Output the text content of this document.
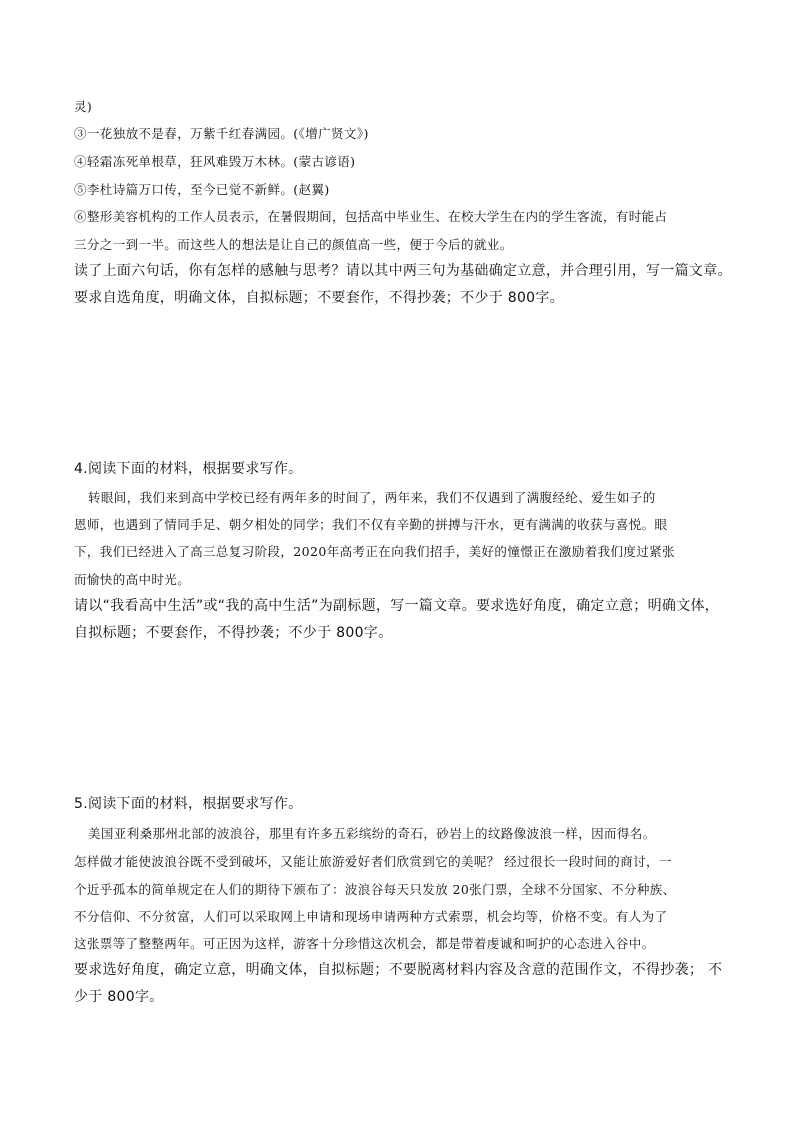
灵)
③一花独放不是春，万紫千红春满园。(《增广贤文》)
④轻霜冻死单根草，狂风难毁万木林。(蒙古谚语)
⑤李杜诗篇万口传，至今已觉不新鲜。(赵翼)
⑥整形美容机构的工作人员表示，在暑假期间，包括高中毕业生、在校大学生在内的学生客流，有时能占
三分之一到一半。而这些人的想法是让自己的颜值高一些，便于今后的就业。
读了上面六句话，你有怎样的感触与思考？请以其中两三句为基础确定立意，并合理引用，写一篇文章。
要求自选角度，明确文体，自拟标题；不要套作，不得抄袭；不少于 800字。
4.阅读下面的材料，根据要求写作。
转眼间，我们来到高中学校已经有两年多的时间了，两年来，我们不仅遇到了满腹经纶、爱生如子的
恩师，也遇到了情同手足、朝夕相处的同学；我们不仅有辛勤的拼搏与汗水，更有满满的收获与喜悦。眼
下，我们已经进入了高三总复习阶段，2020年高考正在向我们招手，美好的憧憬正在激励着我们度过紧张
而愉快的高中时光。
请以“我看高中生活”或“我的高中生活”为副标题，写一篇文章。要求选好角度，确定立意；明确文体，
自拟标题；不要套作，不得抄袭；不少于 800字。
5.阅读下面的材料，根据要求写作。
美国亚利桑那州北部的波浪谷，那里有许多五彩缤纷的奇石，砂岩上的纹路像波浪一样，因而得名。
怎样做才能使波浪谷既不受到破坏，又能让旅游爱好者们欣赏到它的美呢？ 经过很长一段时间的商讨，一
个近乎孤本的简单规定在人们的期待下颁布了：波浪谷每天只发放 20张门票，全球不分国家、不分种族、
不分信仰、不分贫富，人们可以采取网上申请和现场申请两种方式索票，机会均等，价格不变。有人为了
这张票等了整整两年。可正因为这样，游客十分珍惜这次机会，都是带着虔诚和呵护的心态进入谷中。
要求选好角度，确定立意，明确文体，自拟标题；不要脱离材料内容及含意的范围作文，不得抄袭； 不
少于 800字。
